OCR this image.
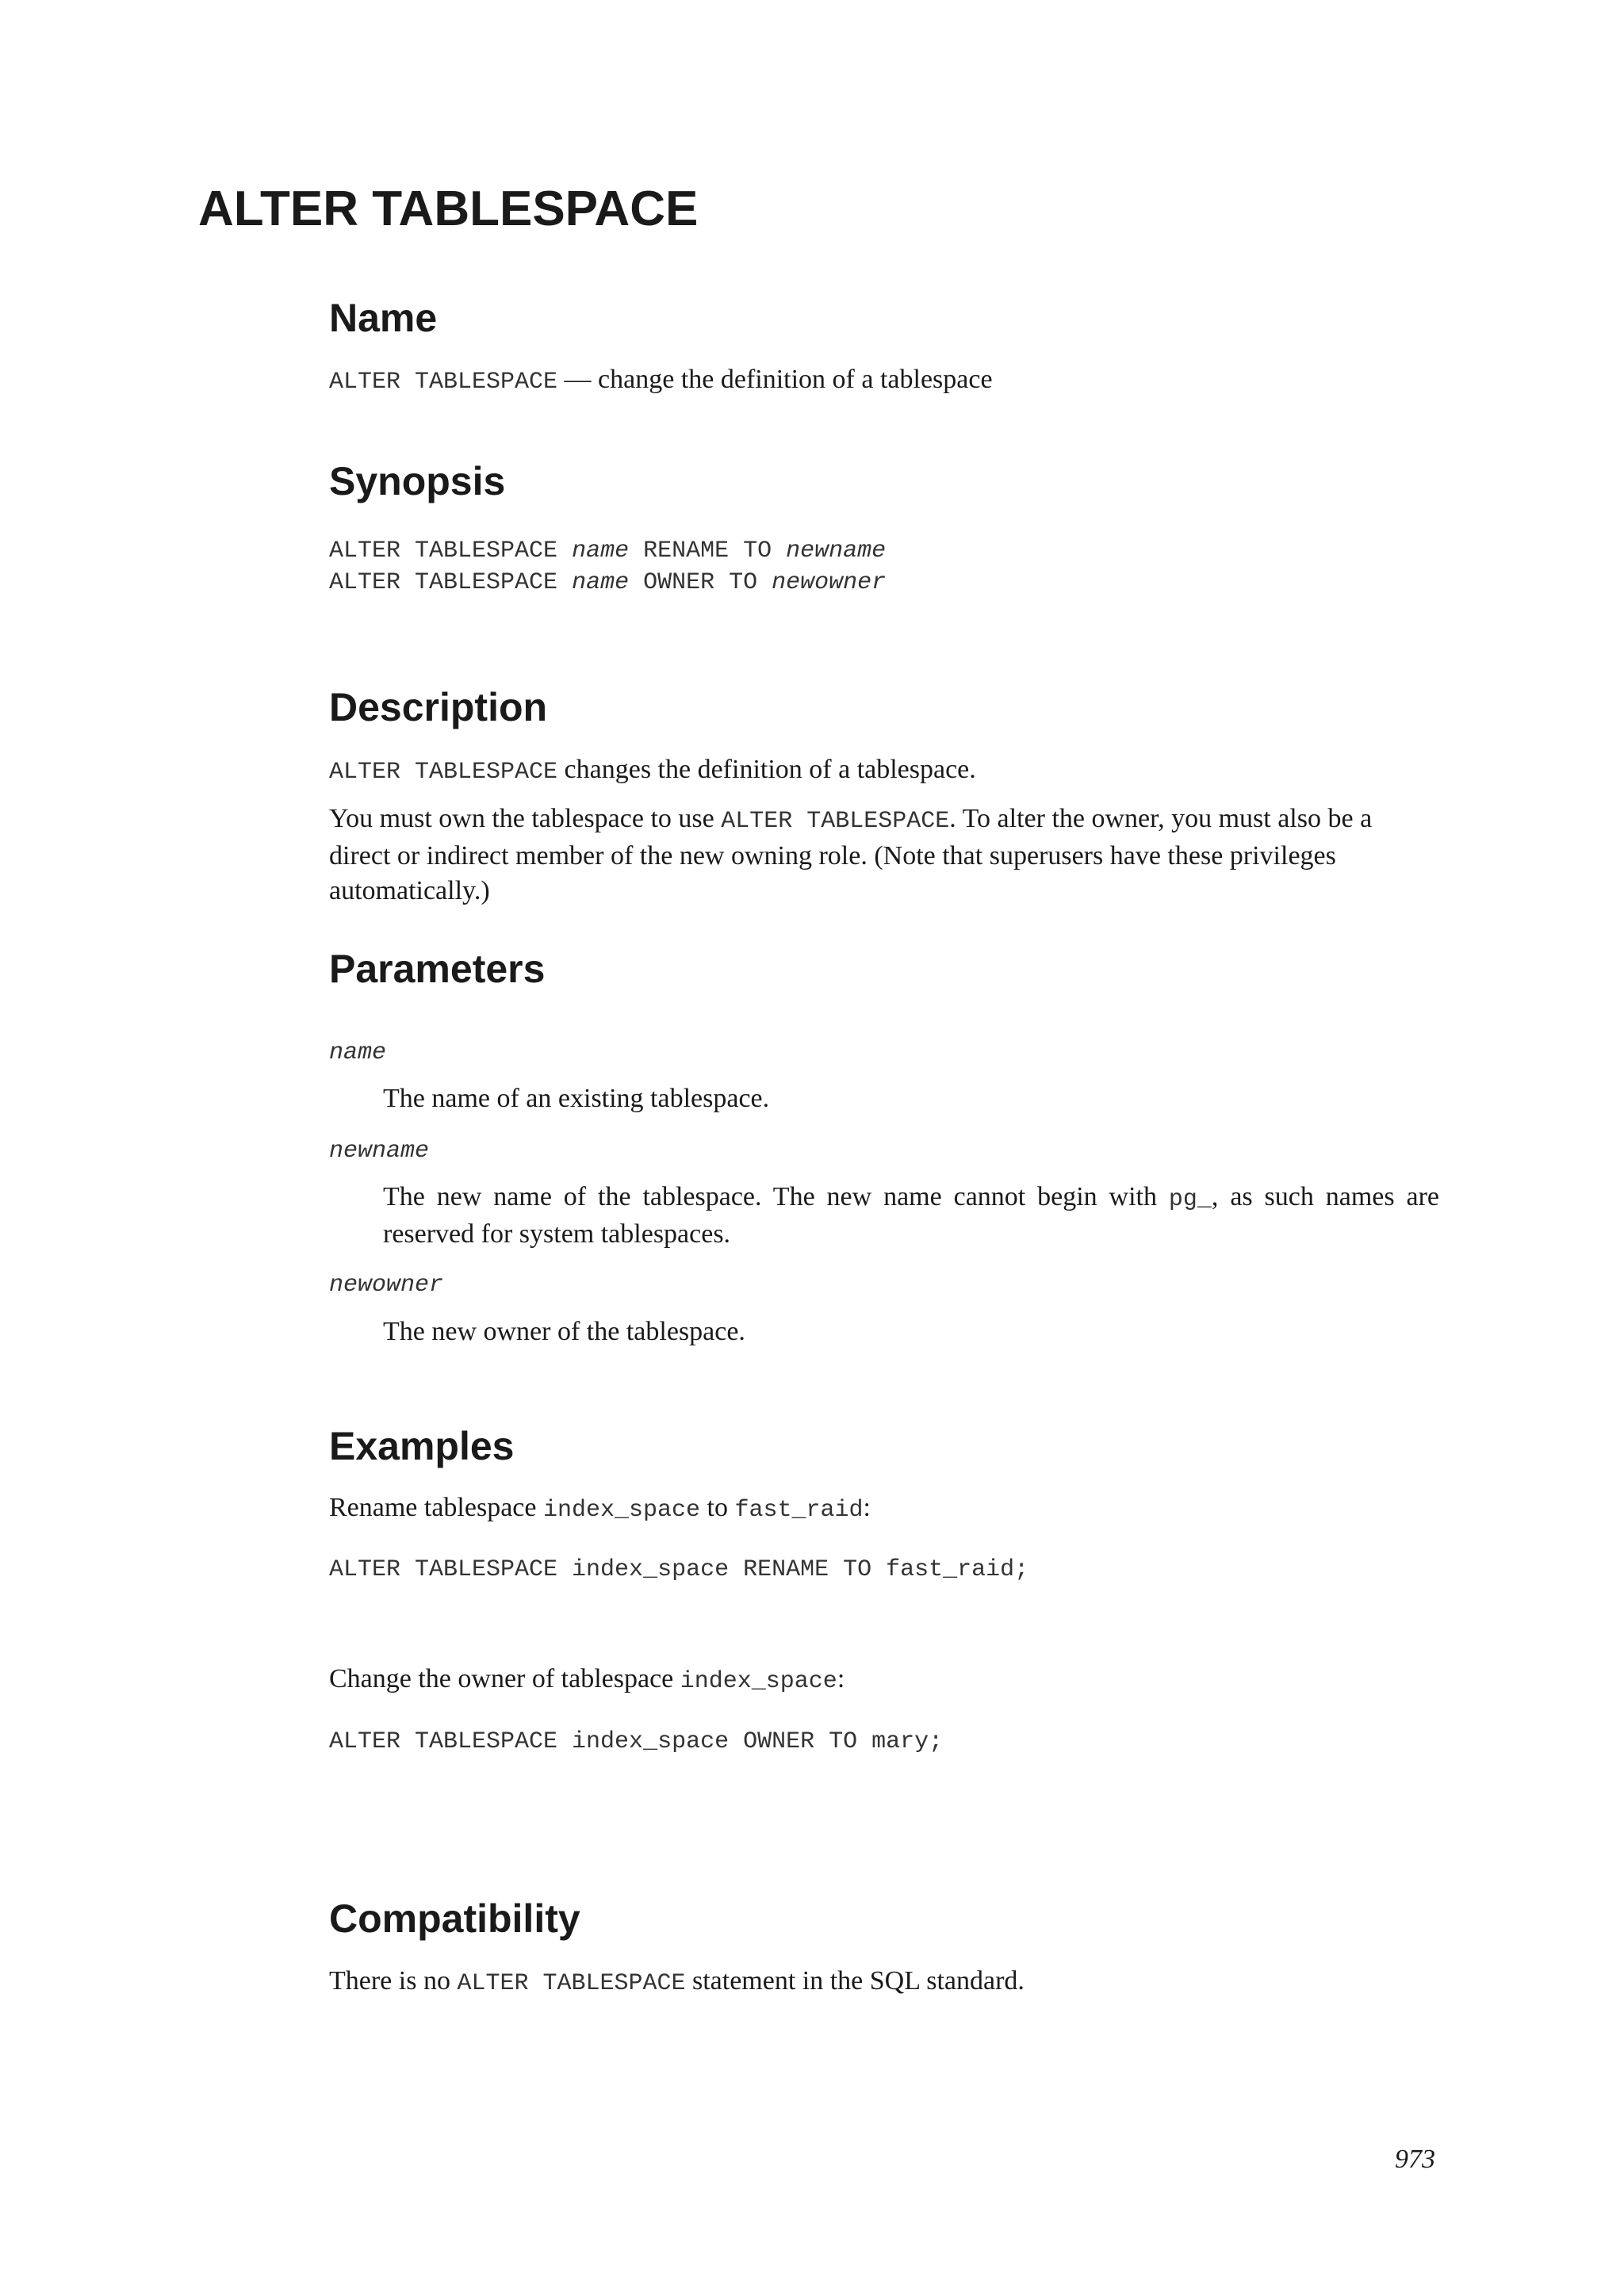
ALTER TABLESPACE
Name

ALTER TABLESPACE — change the definition of a tablespace

Synopsis
ALTER TABLESPACE name RENAME TO newname
ALTER TABLESPACE name OWNER TO newowner
Description

ALTER TABLESPACE changes the definition of a tablespace.

You must own the tablespace to use ALTER TABLESPACE. To alter the owner, you must also be a direct or indirect member of the new owning role. (Note that superusers have these privileges automatically.)

Parameters
name

The name of an existing tablespace.

newname

The new name of the tablespace. The new name cannot begin with pg_, as such names are reserved for system tablespaces.

newowner

The new owner of the tablespace.

Examples

Rename tablespace index_space to fast_raid:

ALTER TABLESPACE index_space RENAME TO fast_raid;

Change the owner of tablespace index_space:

ALTER TABLESPACE index_space OWNER TO mary;
Compatibility

There is no ALTER TABLESPACE statement in the SQL standard.

973
